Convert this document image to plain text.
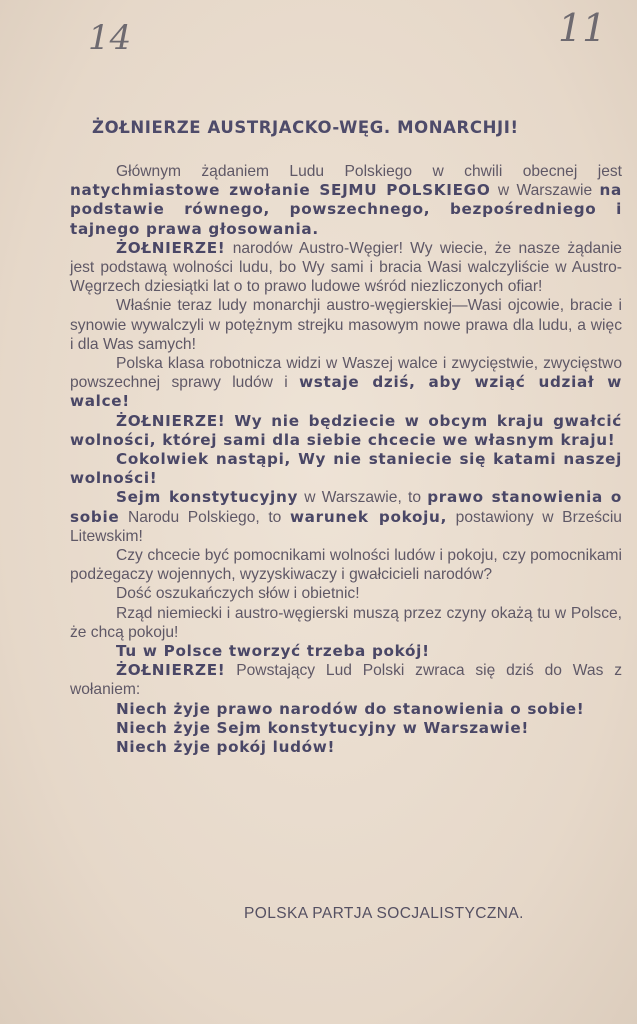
14	11
ŻOŁNIERZE AUSTRJACKO-WĘG. MONARCHJI!

Głównym żądaniem Ludu Polskiego w chwili obecnej jest natychmiastowe zwołanie SEJMU POLSKIEGO w Warszawie na podstawie równego, powszechnego, bezpośredniego i tajnego prawa głosowania.

ŻOŁNIERZE! narodów Austro-Węgier! Wy wiecie, że nasze żądanie jest podstawą wolności ludu, bo Wy sami i bracia Wasi walczyliście w Austro-Węgrzech dziesiątki lat o to prawo ludowe wśród niezliczonych ofiar!

Właśnie teraz ludy monarchji austro-węgierskiej—Wasi ojcowie, bracie i synowie wywalczyli w potężnym strejku masowym nowe prawa dla ludu, a więc i dla Was samych!

Polska klasa robotnicza widzi w Waszej walce i zwycięstwie, zwycięstwo powszechnej sprawy ludów i wstaje dziś, aby wziąć udział w walce!

ŻOŁNIERZE! Wy nie będziecie w obcym kraju gwałcić wolności, której sami dla siebie chcecie we własnym kraju!

Cokolwiek nastąpi, Wy nie staniecie się katami naszej wolności!

Sejm konstytucyjny w Warszawie, to prawo stanowienia o sobie Narodu Polskiego, to warunek pokoju, postawiony w Brześciu Litewskim!

Czy chcecie być pomocnikami wolności ludów i pokoju, czy pomocnikami podżegaczy wojennych, wyzyskiwaczy i gwałcicieli narodów?

Dość oszukańczych słów i obietnic!

Rząd niemiecki i austro-węgierski muszą przez czyny okażą tu w Polsce, że chcą pokoju!

Tu w Polsce tworzyć trzeba pokój!

ŻOŁNIERZE! Powstający Lud Polski zwraca się dziś do Was z wołaniem:

Niech żyje prawo narodów do stanowienia o sobie!

Niech żyje Sejm konstytucyjny w Warszawie!

Niech żyje pokój ludów!

POLSKA PARTJA SOCJALISTYCZNA.
